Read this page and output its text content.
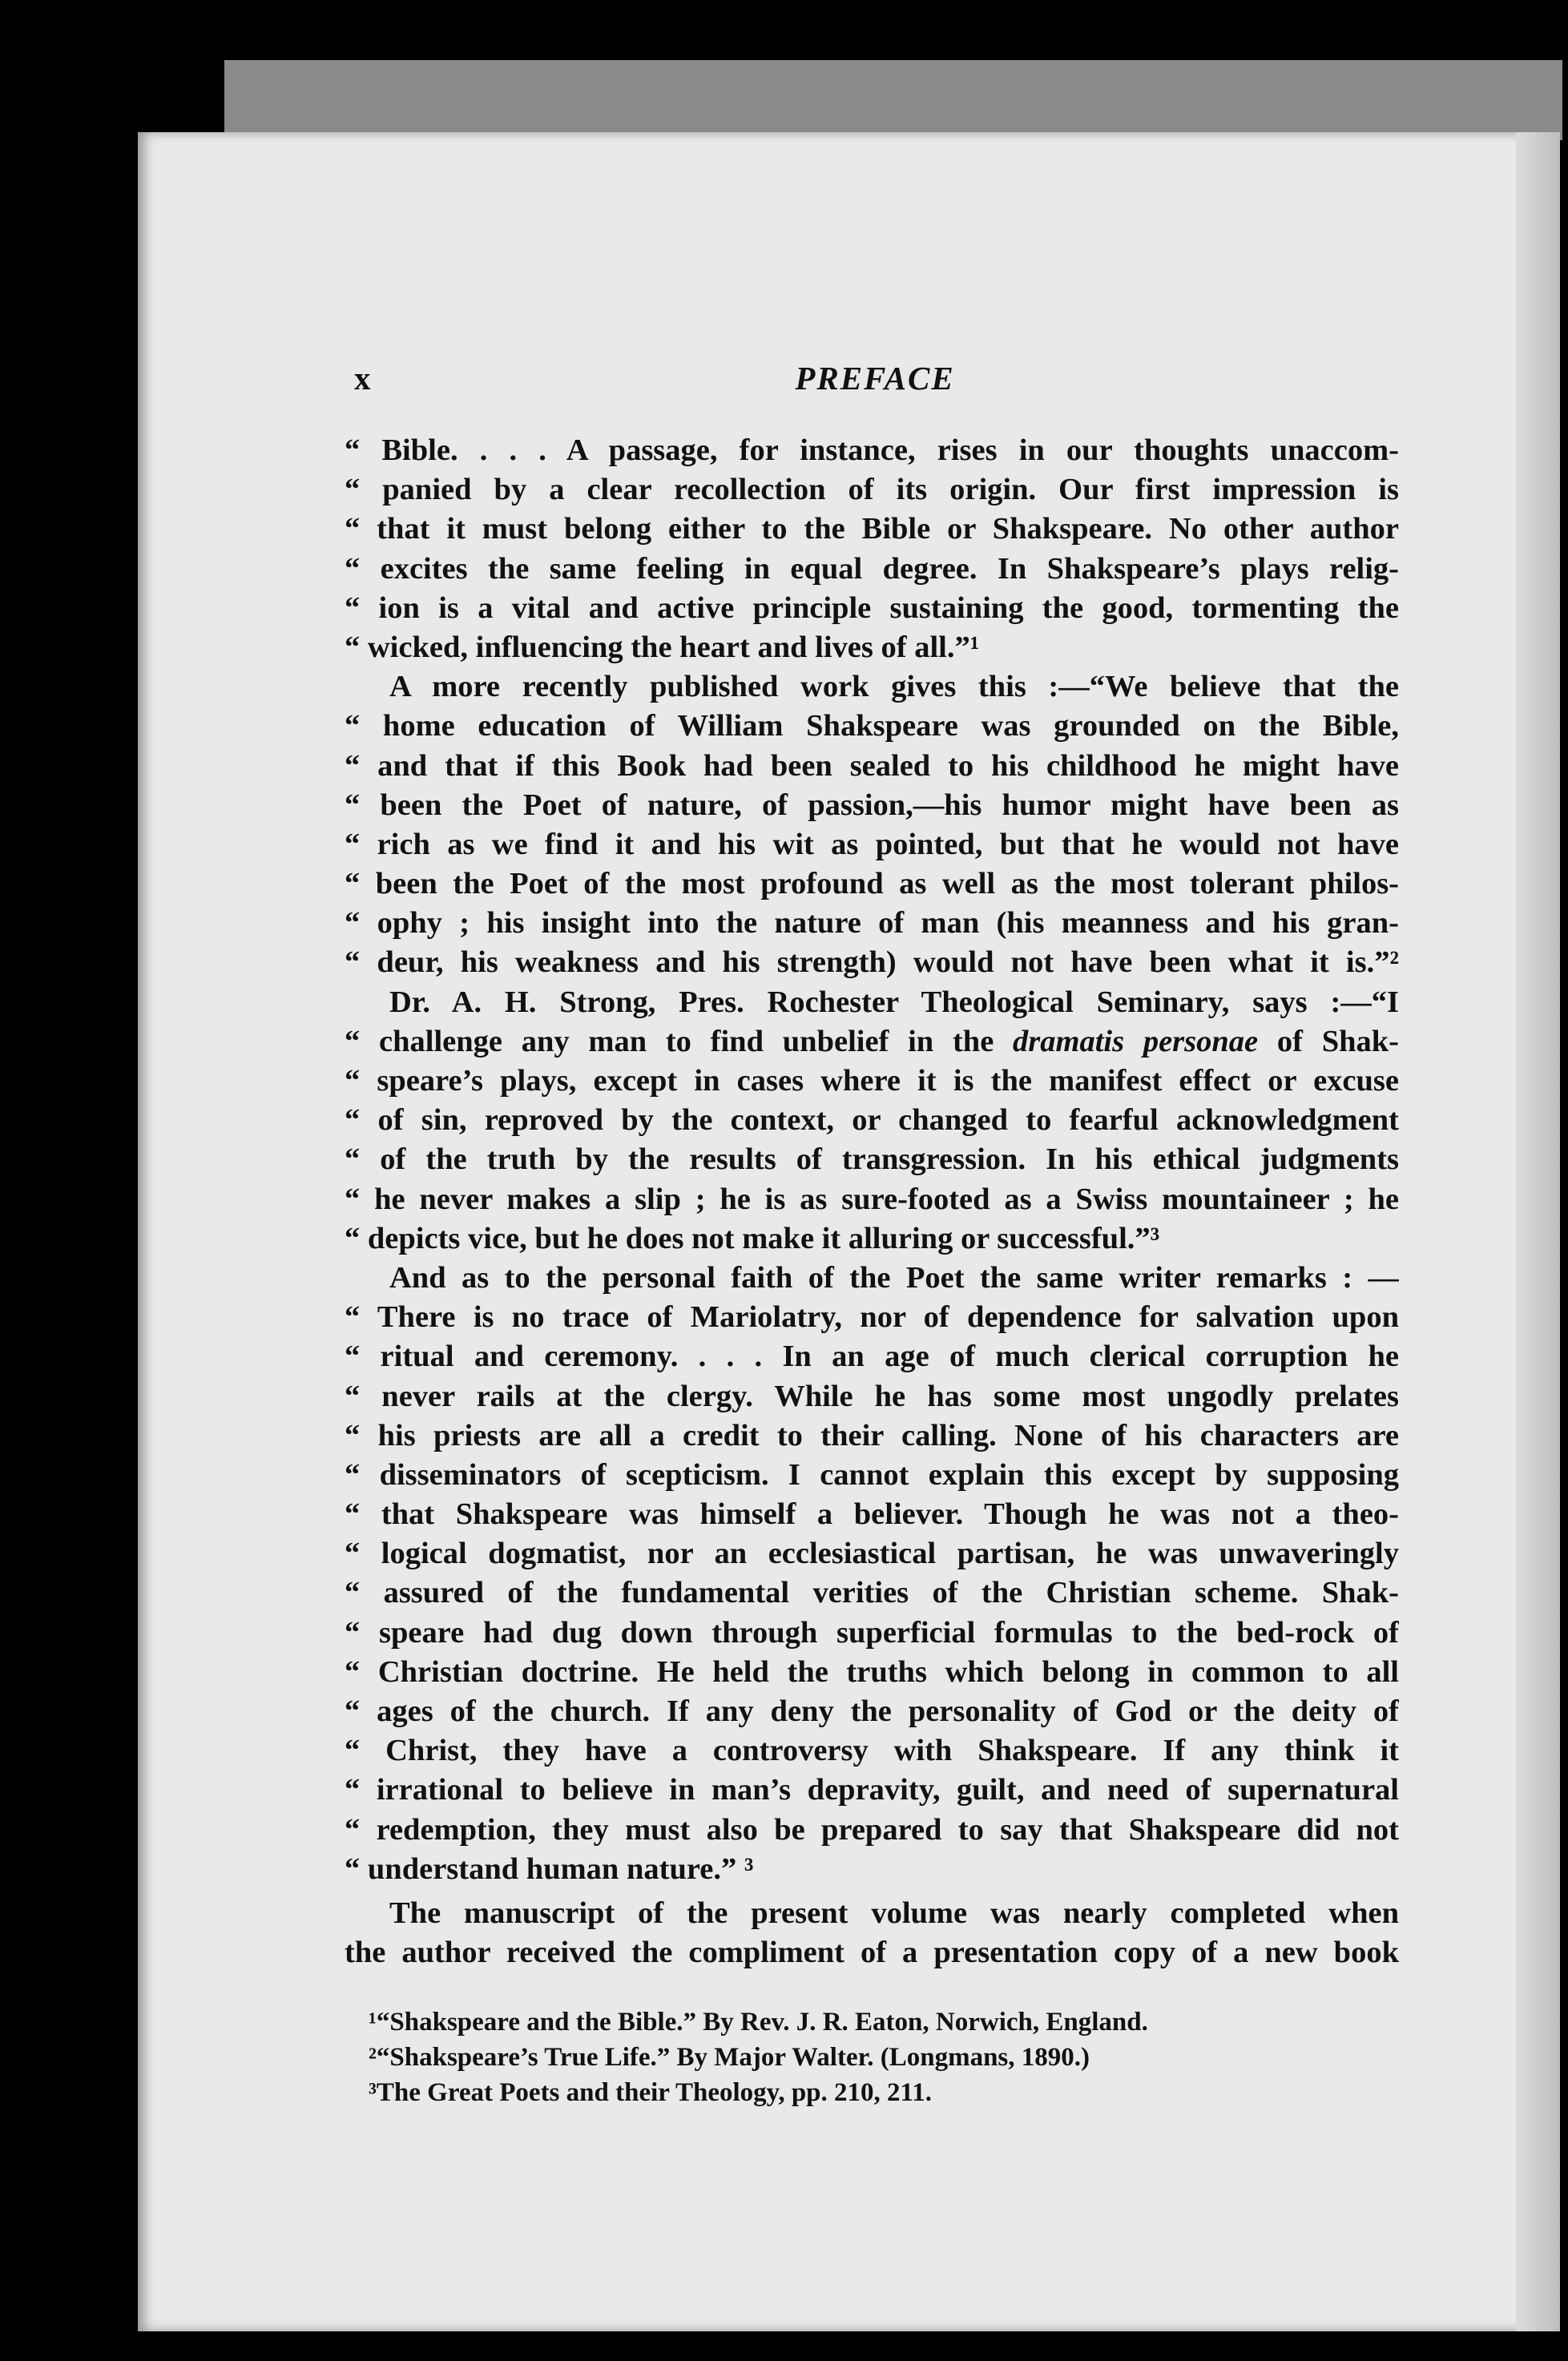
x	PREFACE
“ Bible. . . . A passage, for instance, rises in our thoughts unaccom-
“ panied by a clear recollection of its origin. Our first impression is
“ that it must belong either to the Bible or Shakspeare. No other author
“ excites the same feeling in equal degree. In Shakspeare’s plays relig-
“ ion is a vital and active principle sustaining the good, tormenting the
“ wicked, influencing the heart and lives of all.”¹
A more recently published work gives this :—“We believe that the
“ home education of William Shakspeare was grounded on the Bible,
“ and that if this Book had been sealed to his childhood he might have
“ been the Poet of nature, of passion,—his humor might have been as
“ rich as we find it and his wit as pointed, but that he would not have
“ been the Poet of the most profound as well as the most tolerant philos-
“ ophy ; his insight into the nature of man (his meanness and his gran-
“ deur, his weakness and his strength) would not have been what it is.”²
Dr. A. H. Strong, Pres. Rochester Theological Seminary, says :—“I
“ challenge any man to find unbelief in the dramatis personae of Shak-
“ speare’s plays, except in cases where it is the manifest effect or excuse
“ of sin, reproved by the context, or changed to fearful acknowledgment
“ of the truth by the results of transgression. In his ethical judgments
“ he never makes a slip ; he is as sure-footed as a Swiss mountaineer ; he
“ depicts vice, but he does not make it alluring or successful.”³
And as to the personal faith of the Poet the same writer remarks : —
“ There is no trace of Mariolatry, nor of dependence for salvation upon
“ ritual and ceremony. . . . In an age of much clerical corruption he
“ never rails at the clergy. While he has some most ungodly prelates
“ his priests are all a credit to their calling. None of his characters are
“ disseminators of scepticism. I cannot explain this except by supposing
“ that Shakspeare was himself a believer. Though he was not a theo-
“ logical dogmatist, nor an ecclesiastical partisan, he was unwaveringly
“ assured of the fundamental verities of the Christian scheme. Shak-
“ speare had dug down through superficial formulas to the bed-rock of
“ Christian doctrine. He held the truths which belong in common to all
“ ages of the church. If any deny the personality of God or the deity of
“ Christ, they have a controversy with Shakspeare. If any think it
“ irrational to believe in man’s depravity, guilt, and need of supernatural
“ redemption, they must also be prepared to say that Shakspeare did not
“ understand human nature.” ³
The manuscript of the present volume was nearly completed when
the author received the compliment of a presentation copy of a new book
¹“Shakspeare and the Bible.” By Rev. J. R. Eaton, Norwich, England.
²“Shakspeare’s True Life.” By Major Walter. (Longmans, 1890.)
³The Great Poets and their Theology, pp. 210, 211.
